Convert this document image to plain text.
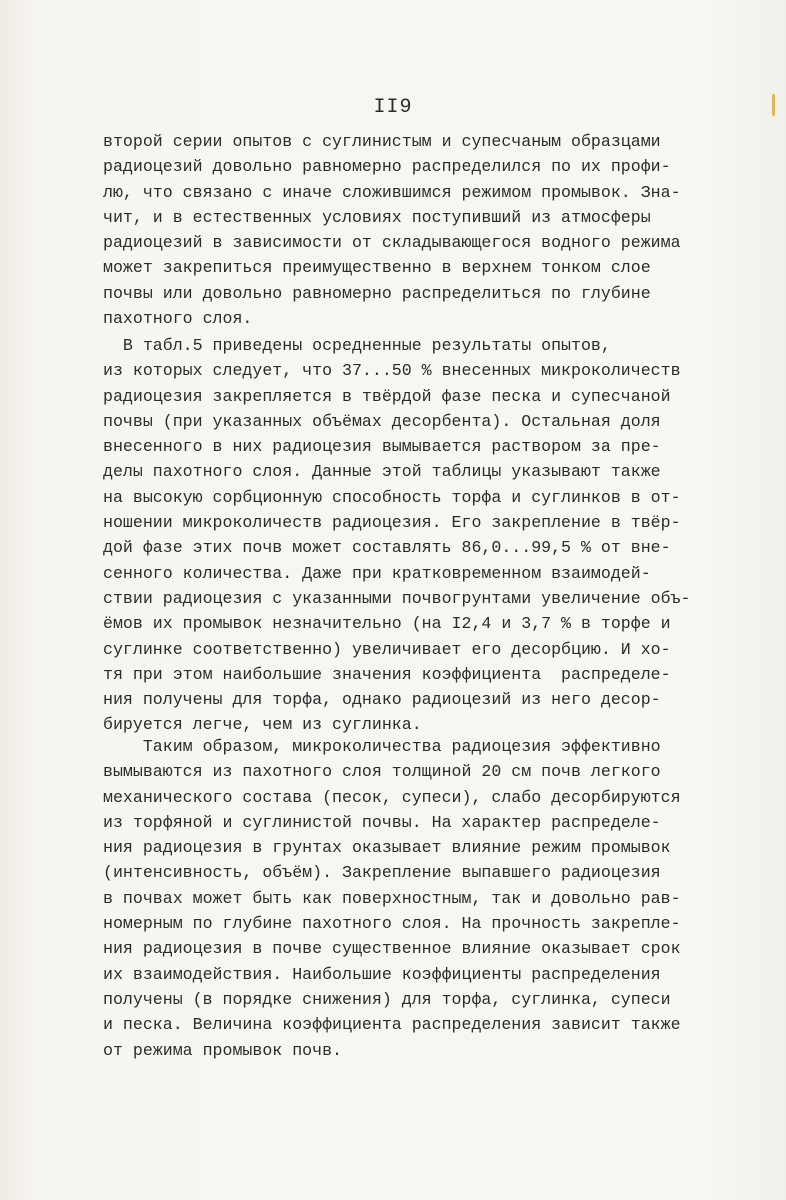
II9
второй серии опытов с суглинистым и супесчаным образцами
радиоцезий довольно равномерно распределился по их профи-
лю, что связано с иначе сложившимся режимом промывок. Зна-
чит, и в естественных условиях поступивший из атмосферы
радиоцезий в зависимости от складывающегося водного режима
может закрепиться преимущественно в верхнем тонком слое
почвы или довольно равномерно распределиться по глубине
пахотного слоя.
В табл.5 приведены осредненные результаты опытов,
из которых следует, что 37...50 % внесенных микроколичеств
радиоцезия закрепляется в твёрдой фазе песка и супесчаной
почвы (при указанных объёмах десорбента). Остальная доля
внесенного в них радиоцезия вымывается раствором за пре-
делы пахотного слоя. Данные этой таблицы указывают также
на высокую сорбционную способность торфа и суглинков в от-
ношении микроколичеств радиоцезия. Его закрепление в твёр-
дой фазе этих почв может составлять 86,0...99,5 % от вне-
сенного количества. Даже при кратковременном взаимодей-
ствии радиоцезия с указанными почвогрунтами увеличение объ-
ёмов их промывок незначительно (на I2,4 и 3,7 % в торфе и
суглинке соответственно) увеличивает его десорбцию. И хо-
тя при этом наибольшие значения коэффициента  распределе-
ния получены для торфа, однако радиоцезий из него десор-
бируется легче, чем из суглинка.
Таким образом, микроколичества радиоцезия эффективно
вымываются из пахотного слоя толщиной 20 см почв легкого
механического состава (песок, супеси), слабо десорбируются
из торфяной и суглинистой почвы. На характер распределе-
ния радиоцезия в грунтах оказывает влияние режим промывок
(интенсивность, объём). Закрепление выпавшего радиоцезия
в почвах может быть как поверхностным, так и довольно рав-
номерным по глубине пахотного слоя. На прочность закрепле-
ния радиоцезия в почве существенное влияние оказывает срок
их взаимодействия. Наибольшие коэффициенты распределения
получены (в порядке снижения) для торфа, суглинка, супеси
и песка. Величина коэффициента распределения зависит также
от режима промывок почв.
